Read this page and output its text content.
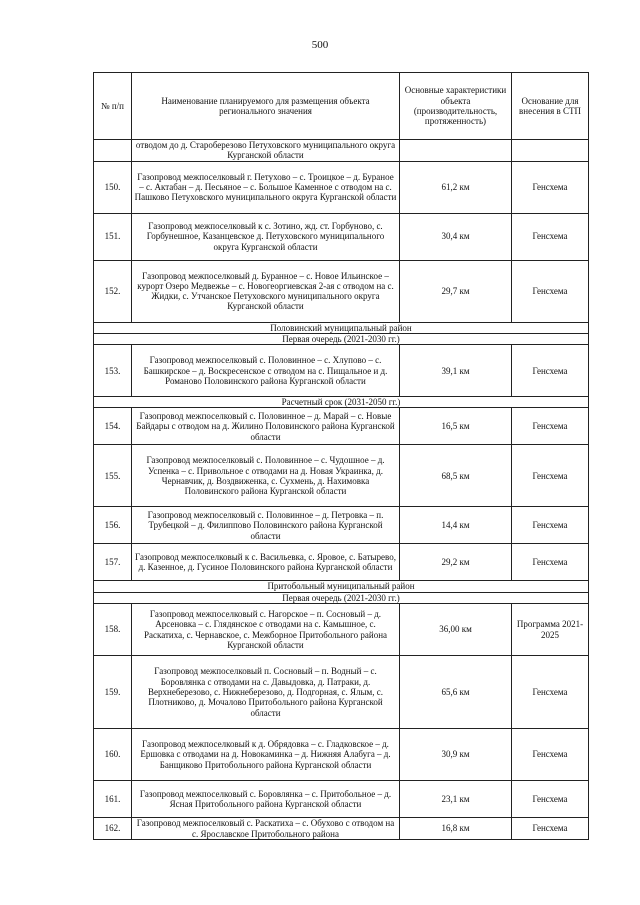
500
№ п/п	Наименование планируемого для размещения объекта регионального значения	Основные характеристики объекта (производительность, протяженность)	Основание для внесения в СТП
	отводом до д. Староберезово Петуховского муниципального округа Курганской области		
150.	Газопровод межпоселковый г. Петухово – с. Троицкое – д. Бураное – с. Актабан – д. Песьяное – с. Большое Каменное с отводом на с. Пашково Петуховского муниципального округа Курганской области	61,2 км	Генсхема
151.	Газопровод межпоселковый к с. Зотино, жд. ст. Горбуново, с. Горбунешное, Казанцевское д. Петуховского муниципального округа Курганской области	30,4 км	Генсхема
152.	Газопровод межпоселковый д. Буранное – с. Новое Ильинское – курорт Озеро Медвежье – с. Новогеоргиевская 2-ая с отводом на с. Жидки, с. Утчанское Петуховского муниципального округа Курганской области	29,7 км	Генсхема
Половинский муниципальный район			
Первая очередь (2021-2030 гг.)			
153.	Газопровод межпоселковый с. Половинное – с. Хлупово – с. Башкирское – д. Воскресенское с отводом на с. Пищальное и д. Романово Половинского района Курганской области	39,1 км	Генсхема
Расчетный срок (2031-2050 гг.)			
154.	Газопровод межпоселковый с. Половинное – д. Марай – с. Новые Байдары с отводом на д. Жилино Половинского района Курганской области	16,5 км	Генсхема
155.	Газопровод межпоселковый с. Половинное – с. Чудошное – д. Успенка – с. Привольное с отводами на д. Новая Украинка, д. Чернавчик, д. Воздвиженка, с. Сухмень, д. Нахимовка Половинского района Курганской области	68,5 км	Генсхема
156.	Газопровод межпоселковый с. Половинное – д. Петровка – п. Трубецкой – д. Филиппово Половинского района Курганской области	14,4 км	Генсхема
157.	Газопровод межпоселковый к с. Васильевка, с. Яровое, с. Батырево, д. Казенное, д. Гусиное Половинского района Курганской области	29,2 км	Генсхема
Притобольный муниципальный район			
Первая очередь (2021-2030 гг.)			
158.	Газопровод межпоселковый с. Нагорское – п. Сосновый – д. Арсеновка – с. Глядянское с отводами на с. Камышное, с. Раскатиха, с. Чернавское, с. Межборное Притобольного района Курганской области	36,00 км	Программа 2021-2025
159.	Газопровод межпоселковый п. Сосновый – п. Водный – с. Боровлянка с отводами на с. Давыдовка, д. Патраки, д. Верхнеберезово, с. Нижнеберезово, д. Подгорная, с. Ялым, с. Плотниково, д. Мочалово Притобольного района Курганской области	65,6 км	Генсхема
160.	Газопровод межпоселковый к д. Обрядовка – с. Гладковское – д. Ершовка с отводами на д. Новокаминка – д. Нижняя Алабуга – д. Банщиково Притобольного района Курганской области	30,9 км	Генсхема
161.	Газопровод межпоселковый с. Боровлянка – с. Притобольное – д. Ясная Притобольного района Курганской области	23,1 км	Генсхема
162.	Газопровод межпоселковый с. Раскатиха – с. Обухово с отводом на с. Ярославское Притобольного района	16,8 км	Генсхема
